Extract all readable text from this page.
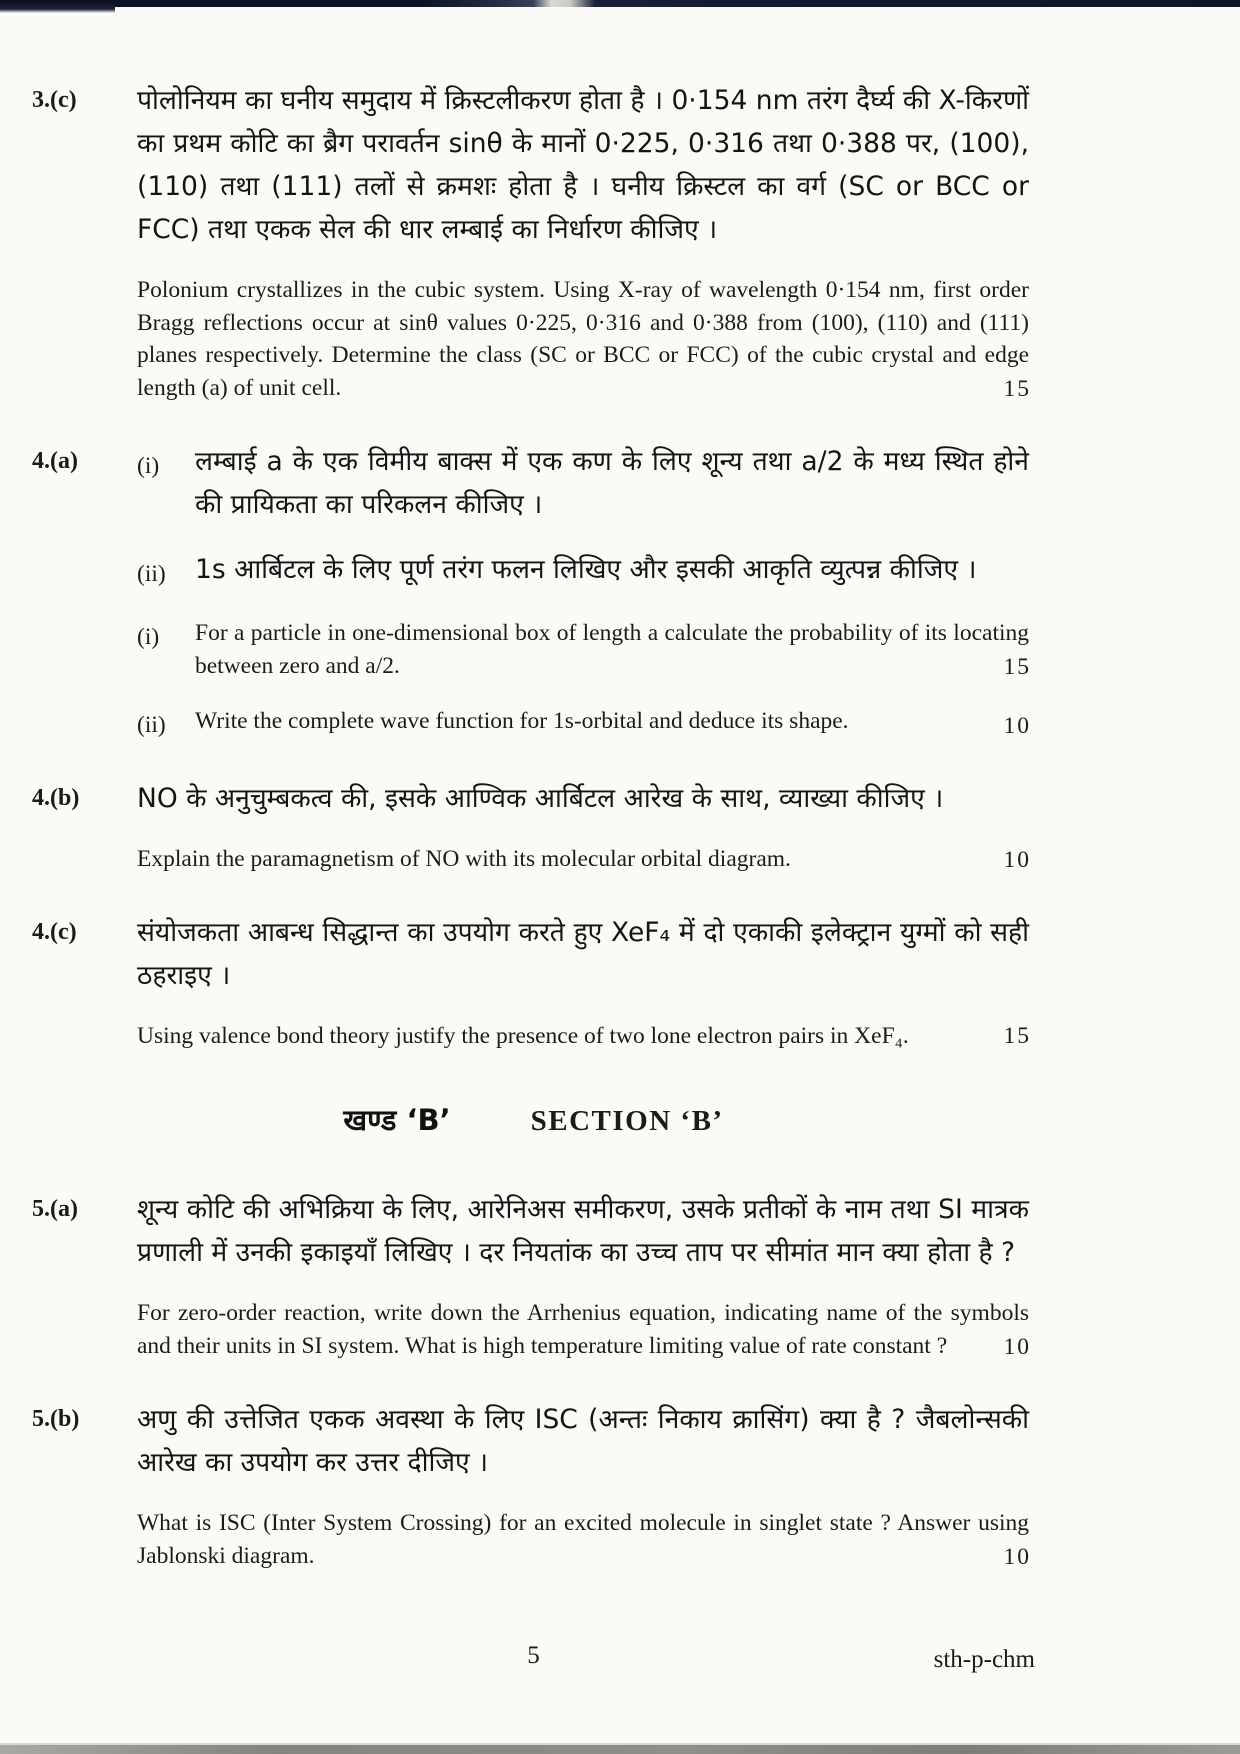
3.(c)	पोलोनियम का घनीय समुदाय में क्रिस्टलीकरण होता है । 0·154 nm तरंग दैर्घ्य की X-किरणों का प्रथम कोटि का ब्रैग परावर्तन sinθ के मानों 0·225, 0·316 तथा 0·388 पर, (100), (110) तथा (111) तलों से क्रमशः होता है । घनीय क्रिस्टल का वर्ग (SC or BCC or FCC) तथा एकक सेल की धार लम्बाई का निर्धारण कीजिए ।

Polonium crystallizes in the cubic system. Using X-ray of wavelength 0·154 nm, first order Bragg reflections occur at sinθ values 0·225, 0·316 and 0·388 from (100), (110) and (111) planes respectively. Determine the class (SC or BCC or FCC) of the cubic crystal and edge length (a) of unit cell.	15
4.(a)	(i)	लम्बाई a के एक विमीय बाक्स में एक कण के लिए शून्य तथा a/2 के मध्य स्थित होने की प्रायिकता का परिकलन कीजिए ।

(ii)	1s आर्बिटल के लिए पूर्ण तरंग फलन लिखिए और इसकी आकृति व्युत्पन्न कीजिए ।

(i)	For a particle in one-dimensional box of length a calculate the probability of its locating between zero and a/2.	15
(ii)	Write the complete wave function for 1s-orbital and deduce its shape.	10
4.(b)	NO के अनुचुम्बकत्व की, इसके आण्विक आर्बिटल आरेख के साथ, व्याख्या कीजिए ।

Explain the paramagnetism of NO with its molecular orbital diagram.	10
4.(c)	संयोजकता आबन्ध सिद्धान्त का उपयोग करते हुए XeF₄ में दो एकाकी इलेक्ट्रान युग्मों को सही ठहराइए ।

Using valence bond theory justify the presence of two lone electron pairs in XeF₄.	15
खण्ड ‘B’	SECTION ‘B’
5.(a)	शून्य कोटि की अभिक्रिया के लिए, आरेनिअस समीकरण, उसके प्रतीकों के नाम तथा SI मात्रक प्रणाली में उनकी इकाइयाँ लिखिए । दर नियतांक का उच्च ताप पर सीमांत मान क्या होता है ?

For zero-order reaction, write down the Arrhenius equation, indicating name of the symbols and their units in SI system. What is high temperature limiting value of rate constant ?	10
5.(b)	अणु की उत्तेजित एकक अवस्था के लिए ISC (अन्तः निकाय क्रासिंग) क्या है ? जैबलोन्सकी आरेख का उपयोग कर उत्तर दीजिए ।

What is ISC (Inter System Crossing) for an excited molecule in singlet state ? Answer using Jablonski diagram.	10
5	sth-p-chm
